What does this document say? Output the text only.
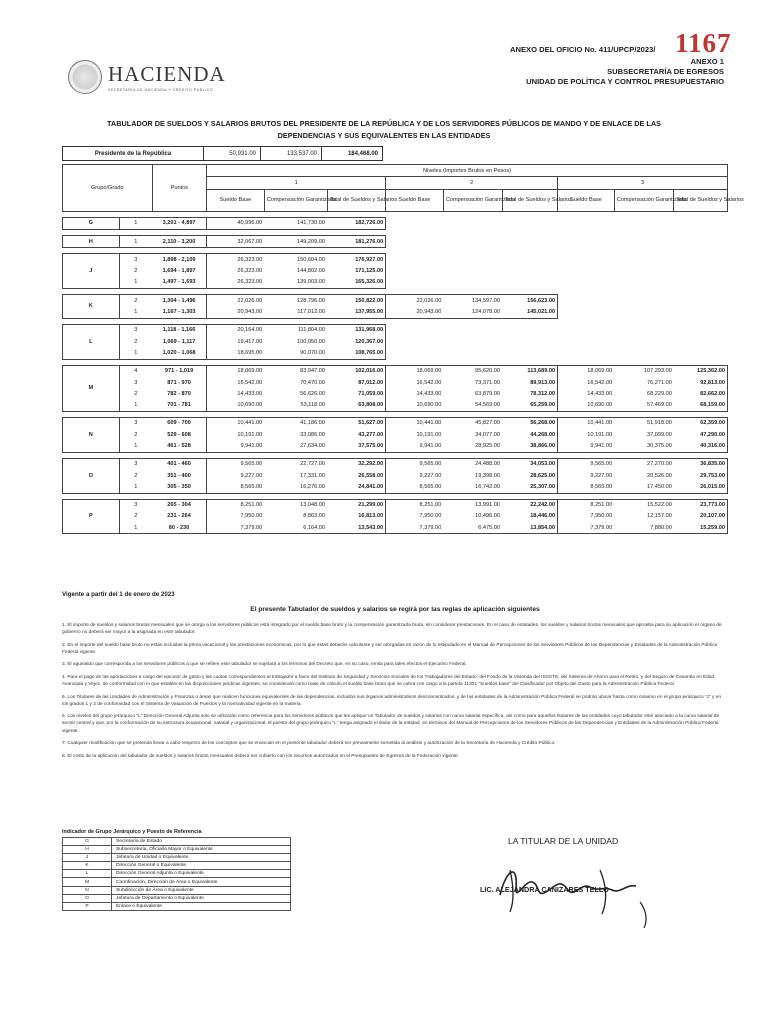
1167
ANEXO DEL OFICIO No. 411/UPCP/2023/
ANEXO 1
SUBSECRETARÍA DE EGRESOS
UNIDAD DE POLÍTICA Y CONTROL PRESUPUESTARIO
HACIENDA
SECRETARÍA DE HACIENDA Y CRÉDITO PÚBLICO
TABULADOR DE SUELDOS Y SALARIOS BRUTOS DEL PRESIDENTE DE LA REPÚBLICA Y DE LOS SERVIDORES PÚBLICOS DE MANDO Y DE ENLACE DE LAS DEPENDENCIAS Y SUS EQUIVALENTES EN LAS ENTIDADES
Presidente de la República	50,931.00	133,537.00	184,468.00
Grupo/Grado		Puntos	Niveles (Importes Brutos en Pesos)								
			1			2			3		
			Sueldo Base	Compensación Garantizada	Total de Sueldos y Salarios	Sueldo Base	Compensación Garantizada	Total de Sueldos y Salarios	Sueldo Base	Compensación Garantizada	Total de Sueldos y Salarios

G	1	3,201 - 4,897	40,996.00	141,730.00	182,726.00						

H	1	2,110 - 3,200	32,067.00	149,209.00	181,276.00						

J	3	1,898 - 2,109	26,323.00	150,604.00	176,927.00						
	2	1,694 - 1,897	26,323.00	144,802.00	171,125.00						
	1	1,497 - 1,693	26,323.00	139,003.00	165,326.00						

K	2	1,304 - 1,496	22,026.00	128,796.00	150,822.00	22,026.00	134,597.00	156,623.00			
	1	1,167 - 1,303	20,943.00	117,012.00	137,955.00	20,943.00	124,078.00	145,021.00			

L	3	1,118 - 1,166	20,164.00	111,804.00	131,968.00						
	2	1,069 - 1,117	19,417.00	100,950.00	120,367.00						
	1	1,020 - 1,068	18,695.00	90,070.00	108,765.00						

M	4	971 - 1,019	18,069.00	83,947.00	102,016.00	18,069.00	95,620.00	113,689.00	18,069.00	107,293.00	125,362.00
	3	871 - 970	16,542.00	70,470.00	87,012.00	16,542.00	73,371.00	89,913.00	16,542.00	76,271.00	92,813.00
	2	782 - 870	14,433.00	56,626.00	71,059.00	14,433.00	63,879.00	78,312.00	14,433.00	68,229.00	82,662.00
	1	701 - 781	10,690.00	53,118.00	63,808.00	10,690.00	54,569.00	65,259.00	10,690.00	57,469.00	68,159.00

N	3	609 - 700	10,441.00	41,186.00	51,627.00	10,441.00	45,827.00	56,268.00	10,441.00	51,918.00	62,359.00
	2	529 - 608	10,191.00	33,086.00	43,277.00	10,191.00	34,077.00	44,268.00	10,191.00	37,099.00	47,290.00
	1	461 - 528	9,941.00	27,634.00	37,575.00	9,941.00	28,925.00	38,866.00	9,941.00	30,375.00	40,316.00

O	3	401 - 460	9,565.00	22,727.00	32,292.00	9,565.00	24,488.00	34,053.00	9,565.00	27,270.00	36,835.00
	2	351 - 400	9,227.00	17,331.00	26,558.00	9,227.00	19,398.00	28,625.00	9,227.00	20,526.00	29,753.00
	1	305 - 350	8,565.00	16,276.00	24,841.00	8,565.00	16,742.00	25,307.00	8,565.00	17,450.00	26,015.00

P	3	265 - 304	8,251.00	13,048.00	21,299.00	8,251.00	13,991.00	22,242.00	8,251.00	15,522.00	23,773.00
	2	231 - 264	7,950.00	8,863.00	16,813.00	7,950.00	10,496.00	18,446.00	7,950.00	12,157.00	20,107.00
	1	80 - 230	7,379.00	6,164.00	13,543.00	7,379.00	6,475.00	13,854.00	7,379.00	7,880.00	15,259.00
Vigente a partir del 1 de enero de 2023
El presente Tabulador de sueldos y salarios se regirá por las reglas de aplicación siguientes

1. El importe de sueldos y salarios brutos mensuales que se otorga a los servidores públicos está integrado por el sueldo base bruto y la compensación garantizada bruta, sin considerar prestaciones. En el caso de entidades, los sueldos y salarios brutos mensuales que aprueba para su aplicación el órgano de gobierno no deberá ser mayor a la asignada en este tabulador.

2. En el importe del sueldo base bruto no están incluidas la prima vacacional y las prestaciones económicas, por lo que éstas deberán calcularse y ser otorgadas en razón de lo estipulado en el Manual de Percepciones de los Servidores Públicos de las Dependencias y Entidades de la Administración Pública Federal vigente.

3. El aguinaldo que corresponda a los servidores públicos a que se refiere este tabulador se sujetará a los términos del Decreto que, en su caso, emita para tales efectos el Ejecutivo Federal.

4. Para el pago de las aportaciones a cargo del ejecutor de gasto y las cuotas correspondientes al trabajador a favor del Instituto de Seguridad y Servicios Sociales de los Trabajadores del Estado; del Fondo de la Vivienda del ISSSTE; del Sistema de Ahorro para el Retiro, y del Seguro de Cesantía en Edad Avanzada y Vejez, de conformidad con lo que establecen las disposiciones jurídicas vigentes, se considerará como base de cálculo el sueldo base bruto que se cubra con cargo a la partida 11301 "Sueldos base" del Clasificador por Objeto del Gasto para la Administración Pública Federal.

5. Los Titulares de las Unidades de Administración y Finanzas o áreas que realicen funciones equivalentes de las dependencias, incluidos sus órganos administrativos desconcentrados, y de las entidades de la Administración Pública Federal se podrán ubicar hasta como máximo en el grupo jerárquico "J" y en los grados 1 y 2 de conformidad con el Sistema de Valuación de Puestos y la normatividad vigente en la materia.

6. Los niveles del grupo jerárquico "L" Dirección General Adjunta solo se utilizarán como referencia para los servidores públicos que les aplique un Tabulador de sueldos y salarios con curva salarial específica, así como para aquellos titulares de las entidades cuyo tabulador esté asociado a la curva salarial de sector central y que, por la conformación de su estructura ocupacional, salarial y organizacional, el puesto del grupo jerárquico "L" tenga asignado el titular de la entidad, en términos del Manual de Percepciones de los Servidores Públicos de las Dependencias y Entidades de la Administración Pública Federal vigente.

7. Cualquier modificación que se pretenda llevar a cabo respecto de los conceptos que se enuncian en el presente tabulador deberá ser previamente sometida al análisis y autorización de la Secretaría de Hacienda y Crédito Público.

8. El costo de la aplicación del tabulador de sueldos y salarios brutos mensuales deberá ser cubierto con los recursos autorizados en el Presupuesto de Egresos de la Federación vigente.

Indicador de Grupo Jerárquico y Puesto de Referencia
G	Secretaría de Estado
H	Subsecretaría, Oficialía Mayor o Equivalente
J	Jefatura de Unidad o Equivalente
K	Dirección General o Equivalente
L	Dirección General Adjunta o Equivalente
M	Coordinación, Dirección de Área o Equivalente
N	Subdirección de Área o Equivalente
O	Jefatura de Departamento o Equivalente
P	Enlace o Equivalente
LA TITULAR DE LA UNIDAD
LIC. ALEJANDRA CANIZARES TELLO
